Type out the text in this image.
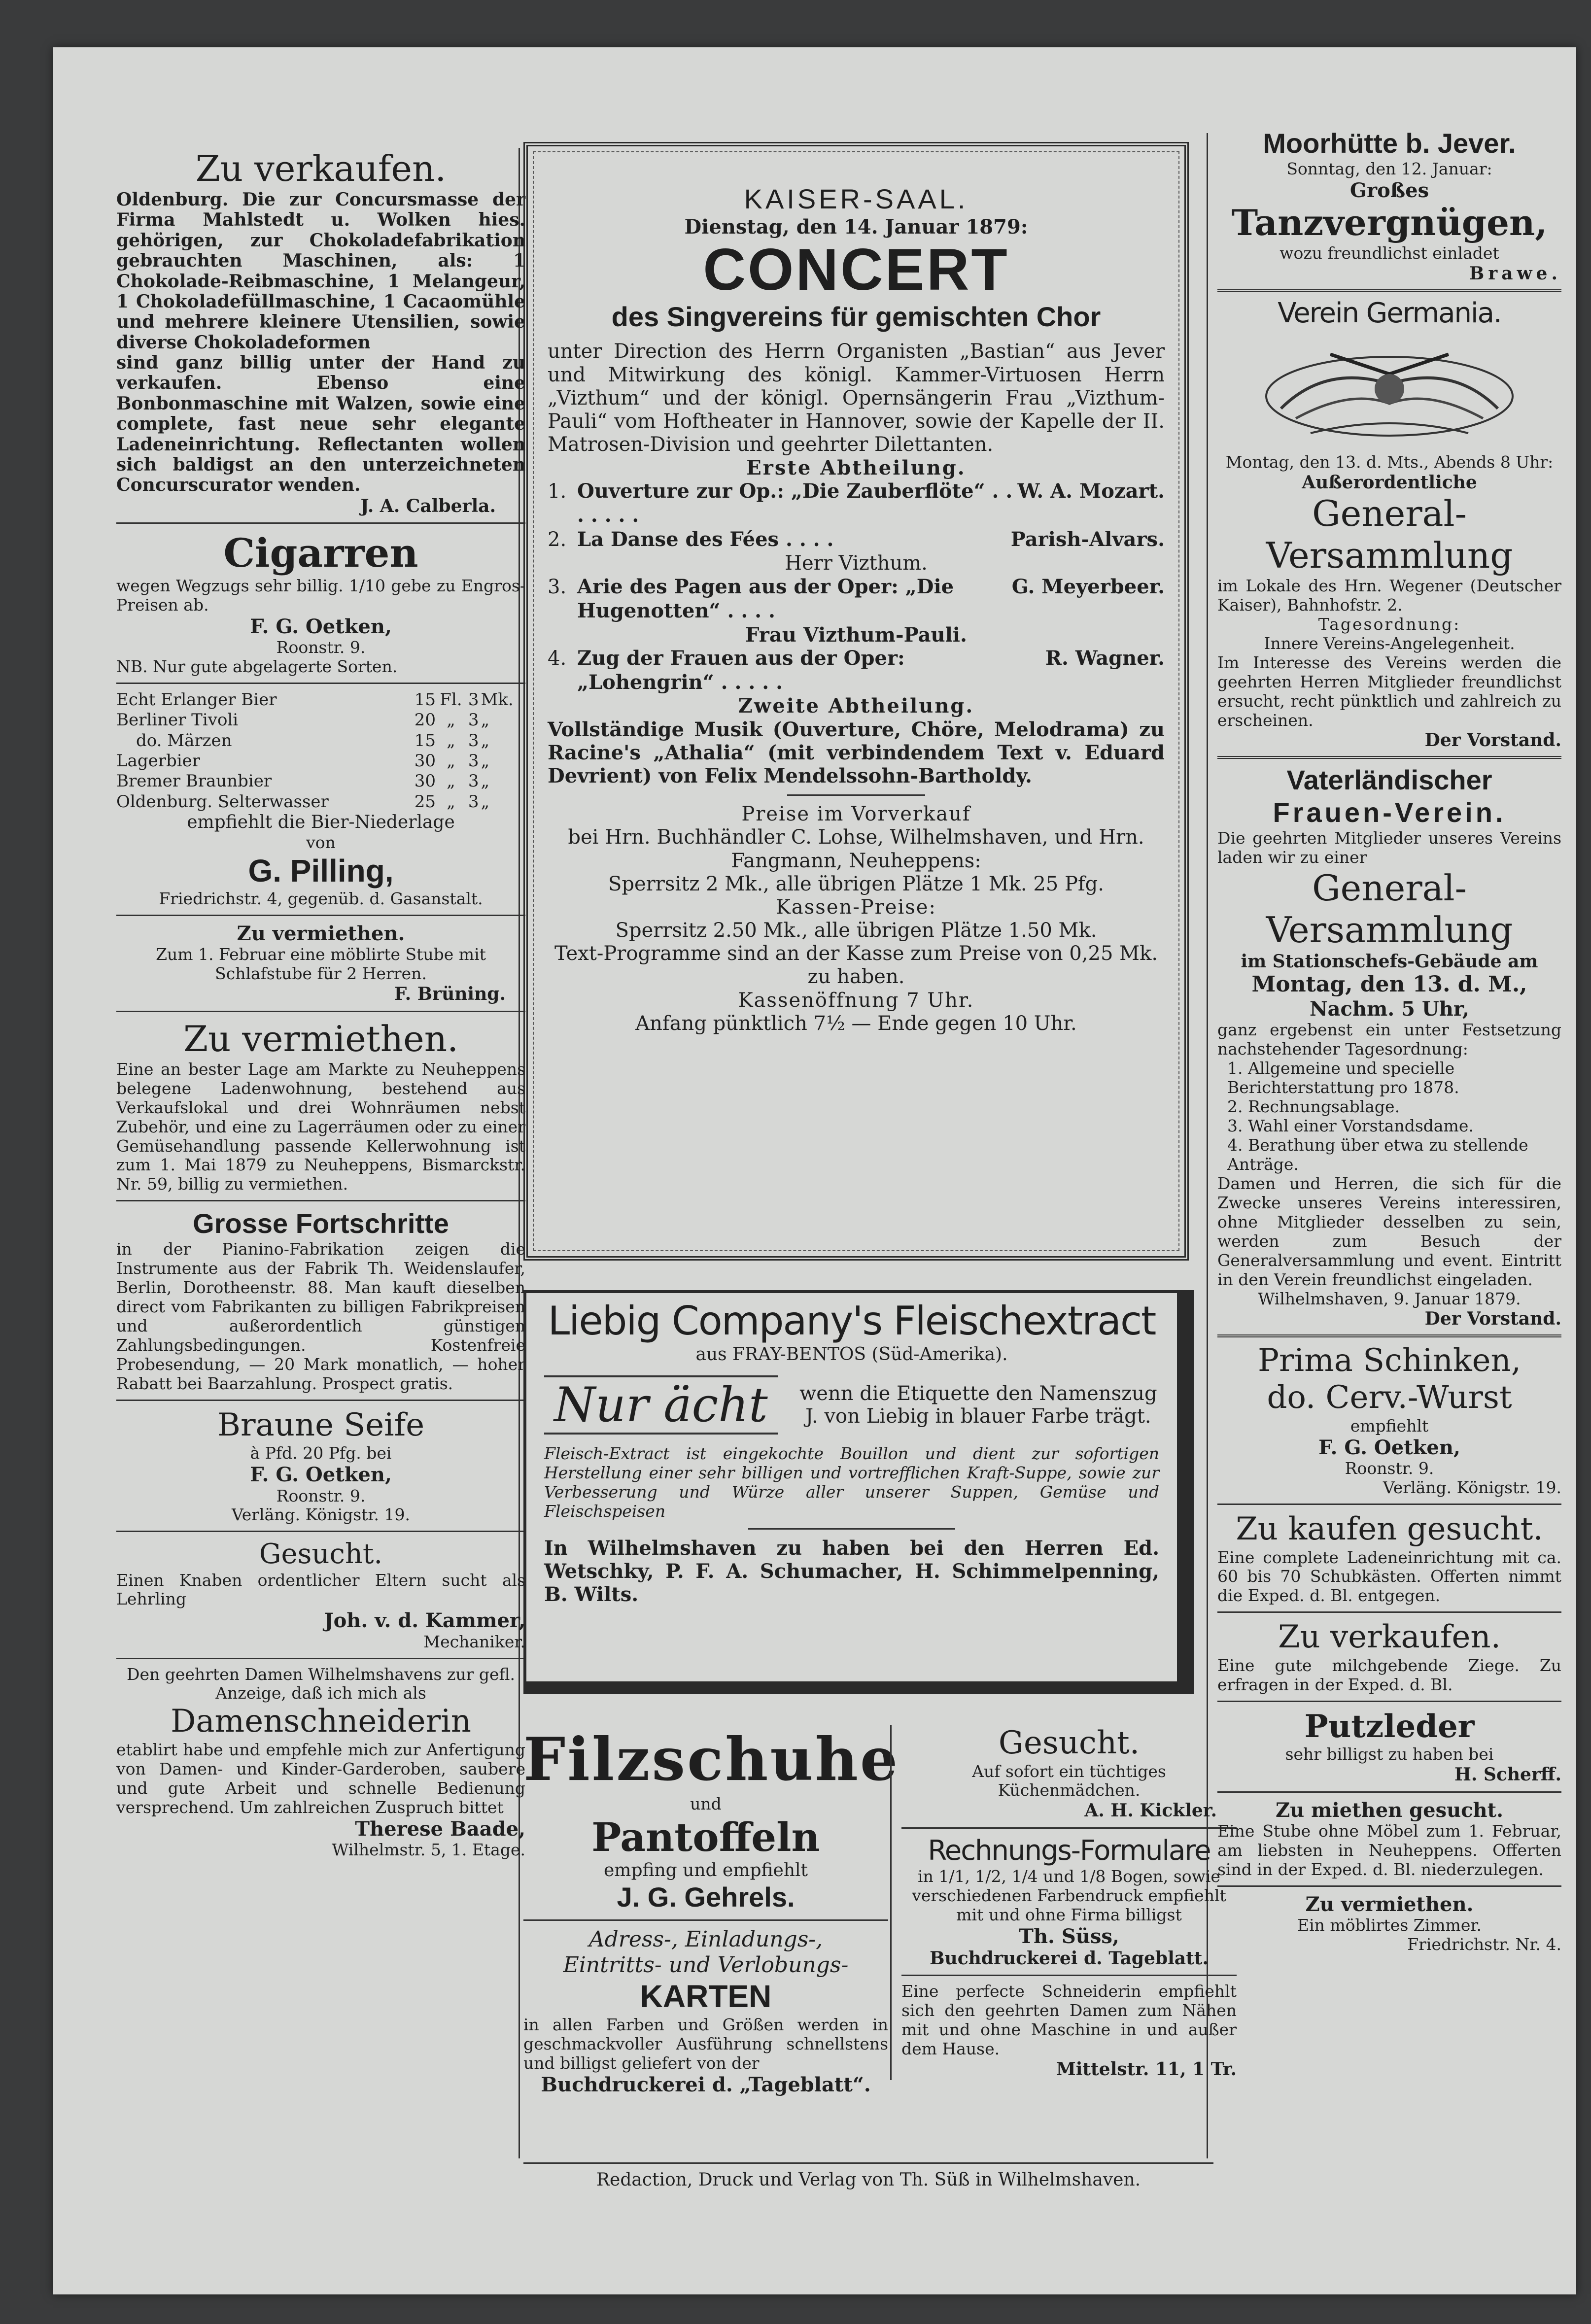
Zu verkaufen.

Oldenburg. Die zur Concursmasse der Firma Mahlstedt u. Wolken hies. gehörigen, zur Chokoladefabrikation gebrauchten Maschinen, als: 1 Chokolade-Reibmaschine, 1 Melangeur, 1 Chokoladefüllmaschine, 1 Cacaomühle und mehrere kleinere Utensilien, sowie diverse Chokoladeformen

sind ganz billig unter der Hand zu verkaufen. Ebenso eine Bonbonmaschine mit Walzen, sowie eine complete, fast neue sehr elegante Ladeneinrichtung. Reflectanten wollen sich baldigst an den unterzeichneten Concurscurator wenden.

J. A. Calberla.

Cigarren

wegen Wegzugs sehr billig. 1/10 gebe zu Engros-Preisen ab.

F. G. Oetken,

Roonstr. 9.

NB. Nur gute abgelagerte Sorten.

Echt Erlanger Bier	15	Fl.	3	Mk.
Berliner Tivoli	20	„	3	„
do. Märzen	15	„	3	„
Lagerbier	30	„	3	„
Bremer Braunbier	30	„	3	„
Oldenburg. Selterwasser	25	„	3	„

empfiehlt die Bier-Niederlage

von

G. Pilling,

Friedrichstr. 4, gegenüb. d. Gasanstalt.

Zu vermiethen.

Zum 1. Februar eine möblirte Stube mit Schlafstube für 2 Herren.

F. Brüning.

Zu vermiethen.

Eine an bester Lage am Markte zu Neuheppens belegene Ladenwohnung, bestehend aus Verkaufslokal und drei Wohnräumen nebst Zubehör, und eine zu Lagerräumen oder zu einer Gemüsehandlung passende Kellerwohnung ist zum 1. Mai 1879 zu Neuheppens, Bismarckstr. Nr. 59, billig zu vermiethen.

Grosse Fortschritte

in der Pianino-Fabrikation zeigen die Instrumente aus der Fabrik Th. Weidenslaufer, Berlin, Dorotheenstr. 88. Man kauft dieselben direct vom Fabrikanten zu billigen Fabrikpreisen und außerordentlich günstigen Zahlungsbedingungen. Kostenfreie Probesendung, — 20 Mark monatlich, — hoher Rabatt bei Baarzahlung. Prospect gratis.

Braune Seife

à Pfd. 20 Pfg. bei

F. G. Oetken,

Roonstr. 9.

Verläng. Königstr. 19.

Gesucht.

Einen Knaben ordentlicher Eltern sucht als Lehrling

Joh. v. d. Kammer,

Mechaniker.

Den geehrten Damen Wilhelmshavens zur gefl. Anzeige, daß ich mich als

Damenschneiderin

etablirt habe und empfehle mich zur Anfertigung von Damen- und Kinder-Garderoben, saubere und gute Arbeit und schnelle Bedienung versprechend. Um zahlreichen Zuspruch bittet

Therese Baade,

Wilhelmstr. 5, 1. Etage.

KAISER-SAAL.

Dienstag, den 14. Januar 1879:

CONCERT

des Singvereins für gemischten Chor

unter Direction des Herrn Organisten „Bastian“ aus Jever und Mitwirkung des königl. Kammer-Virtuosen Herrn „Vizthum“ und der königl. Opernsängerin Frau „Vizthum-Pauli“ vom Hoftheater in Hannover, sowie der Kapelle der II. Matrosen-Division und geehrter Dilettanten.

Erste Abtheilung.

1. Ouverture zur Op.: „Die Zauberflöte“ . . . . . . .
W. A. Mozart.
2. La Danse des Fées . . . .	Parish-Alvars.

Herr Vizthum.

3. Arie des Pagen aus der Oper: „Die Hugenotten“ . . . .
G. Meyerbeer.

Frau Vizthum-Pauli.

4. Zug der Frauen aus der Oper: „Lohengrin“ . . . . .
R. Wagner.

Zweite Abtheilung.

Vollständige Musik (Ouverture, Chöre, Melodrama) zu Racine's „Athalia“ (mit verbindendem Text v. Eduard Devrient) von Felix Mendelssohn-Bartholdy.

Preise im Vorverkauf

bei Hrn. Buchhändler C. Lohse, Wilhelmshaven, und Hrn. Fangmann, Neuheppens:

Sperrsitz 2 Mk., alle übrigen Plätze 1 Mk. 25 Pfg.

Kassen-Preise:

Sperrsitz 2.50 Mk., alle übrigen Plätze 1.50 Mk.

Text-Programme sind an der Kasse zum Preise von 0,25 Mk. zu haben.

Kassenöffnung 7 Uhr.

Anfang pünktlich 7½ — Ende gegen 10 Uhr.

Liebig Company's Fleischextract

aus FRAY-BENTOS (Süd-Amerika).

Nur ächt	wenn die Etiquette den Namenszug J. von Liebig in blauer Farbe trägt.

Fleisch-Extract ist eingekochte Bouillon und dient zur sofortigen Herstellung einer sehr billigen und vortrefflichen Kraft-Suppe, sowie zur Verbesserung und Würze aller unserer Suppen, Gemüse und Fleischspeisen

In Wilhelmshaven zu haben bei den Herren Ed. Wetschky, P. F. A. Schumacher, H. Schimmelpenning, B. Wilts.

Filzschuhe

und

Pantoffeln

empfing und empfiehlt

J. G. Gehrels.

Adress-, Einladungs-,

Eintritts- und Verlobungs-

KARTEN

in allen Farben und Größen werden in geschmackvoller Ausführung schnellstens und billigst geliefert von der

Buchdruckerei d. „Tageblatt“.

Gesucht.

Auf sofort ein tüchtiges Küchenmädchen.

A. H. Kickler.

Rechnungs-Formulare

in 1/1, 1/2, 1/4 und 1/8 Bogen, sowie verschiedenen Farbendruck empfiehlt mit und ohne Firma billigst

Th. Süss,

Buchdruckerei d. Tageblatt.

Eine perfecte Schneiderin empfiehlt sich den geehrten Damen zum Nähen mit und ohne Maschine in und außer dem Hause.

Mittelstr. 11, 1 Tr.

Moorhütte b. Jever.

Sonntag, den 12. Januar:

Großes

Tanzvergnügen,

wozu freundlichst einladet

Brawe.

Verein Germania.

Montag, den 13. d. Mts., Abends 8 Uhr:

Außerordentliche

General-

Versammlung

im Lokale des Hrn. Wegener (Deutscher Kaiser), Bahnhofstr. 2.

Tagesordnung:

Innere Vereins-Angelegenheit.

Im Interesse des Vereins werden die geehrten Herren Mitglieder freundlichst ersucht, recht pünktlich und zahlreich zu erscheinen.

Der Vorstand.

Vaterländischer

Frauen-Verein.

Die geehrten Mitglieder unseres Vereins laden wir zu einer

General-

Versammlung

im Stationschefs-Gebäude am

Montag, den 13. d. M.,

Nachm. 5 Uhr,

ganz ergebenst ein unter Festsetzung nachstehender Tagesordnung:

1. Allgemeine und specielle Berichterstattung pro 1878.

2. Rechnungsablage.

3. Wahl einer Vorstandsdame.

4. Berathung über etwa zu stellende Anträge.

Damen und Herren, die sich für die Zwecke unseres Vereins interessiren, ohne Mitglieder desselben zu sein, werden zum Besuch der Generalversammlung und event. Eintritt in den Verein freundlichst eingeladen.

Wilhelmshaven, 9. Januar 1879.

Der Vorstand.

Prima Schinken,

do. Cerv.-Wurst

empfiehlt

F. G. Oetken,

Roonstr. 9.

Verläng. Königstr. 19.

Zu kaufen gesucht.

Eine complete Ladeneinrichtung mit ca. 60 bis 70 Schubkästen. Offerten nimmt die Exped. d. Bl. entgegen.

Zu verkaufen.

Eine gute milchgebende Ziege. Zu erfragen in der Exped. d. Bl.

Putzleder

sehr billigst zu haben bei

H. Scherff.

Zu miethen gesucht.

Eine Stube ohne Möbel zum 1. Februar, am liebsten in Neuheppens. Offerten sind in der Exped. d. Bl. niederzulegen.

Zu vermiethen.

Ein möblirtes Zimmer.

Friedrichstr. Nr. 4.

Redaction, Druck und Verlag von Th. Süß in Wilhelmshaven.
